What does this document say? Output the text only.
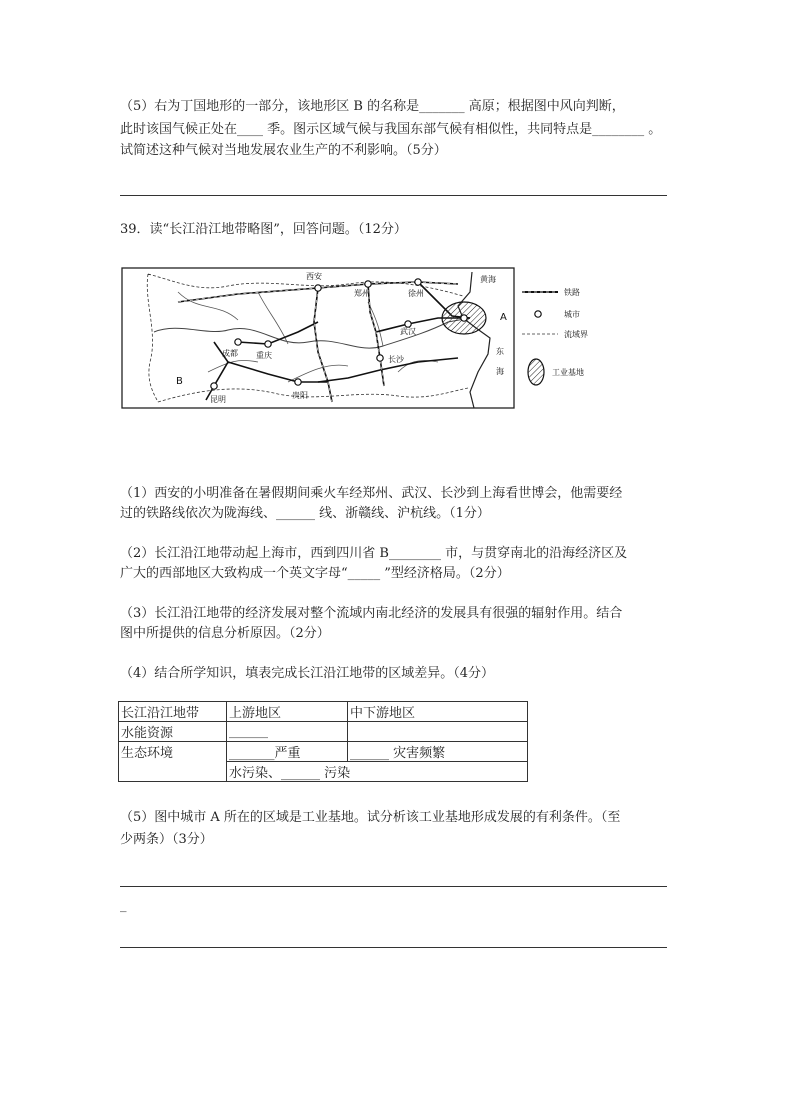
（5）右为丁国地形的一部分，该地形区 B 的名称是_______ 高原；根据图中风向判断，

此时该国气候正处在____ 季。图示区域气候与我国东部气候有相似性，共同特点是________ 。

试简述这种气候对当地发展农业生产的不利影响。（5分）

39．读“长江沿江地带略图”，回答问题。（12分）

西安
郑州	徐州
成都 重庆	长沙
昆明	贵阳
武汉
黄海
东
海
A
B
铁路
城市
流域界
工业基地

（1）西安的小明准备在暑假期间乘火车经郑州、武汉、长沙到上海看世博会，他需要经

过的铁路线依次为陇海线、______ 线、浙赣线、沪杭线。（1分）

（2）长江沿江地带动起上海市，西到四川省 B________ 市，与贯穿南北的沿海经济区及

广大的西部地区大致构成一个英文字母“_____ ”型经济格局。（2分）

（3）长江沿江地带的经济发展对整个流域内南北经济的发展具有很强的辐射作用。结合

图中所提供的信息分析原因。（2分）

（4）结合所学知识，填表完成长江沿江地带的区域差异。（4分）

长江沿江地带	上游地区	中下游地区
水能资源	______	
生态环境	_______严重	______ 灾害频繁
	水污染、______ 污染	

（5）图中城市 A 所在的区域是工业基地。试分析该工业基地形成发展的有利条件。（至

少两条）（3分）

_
